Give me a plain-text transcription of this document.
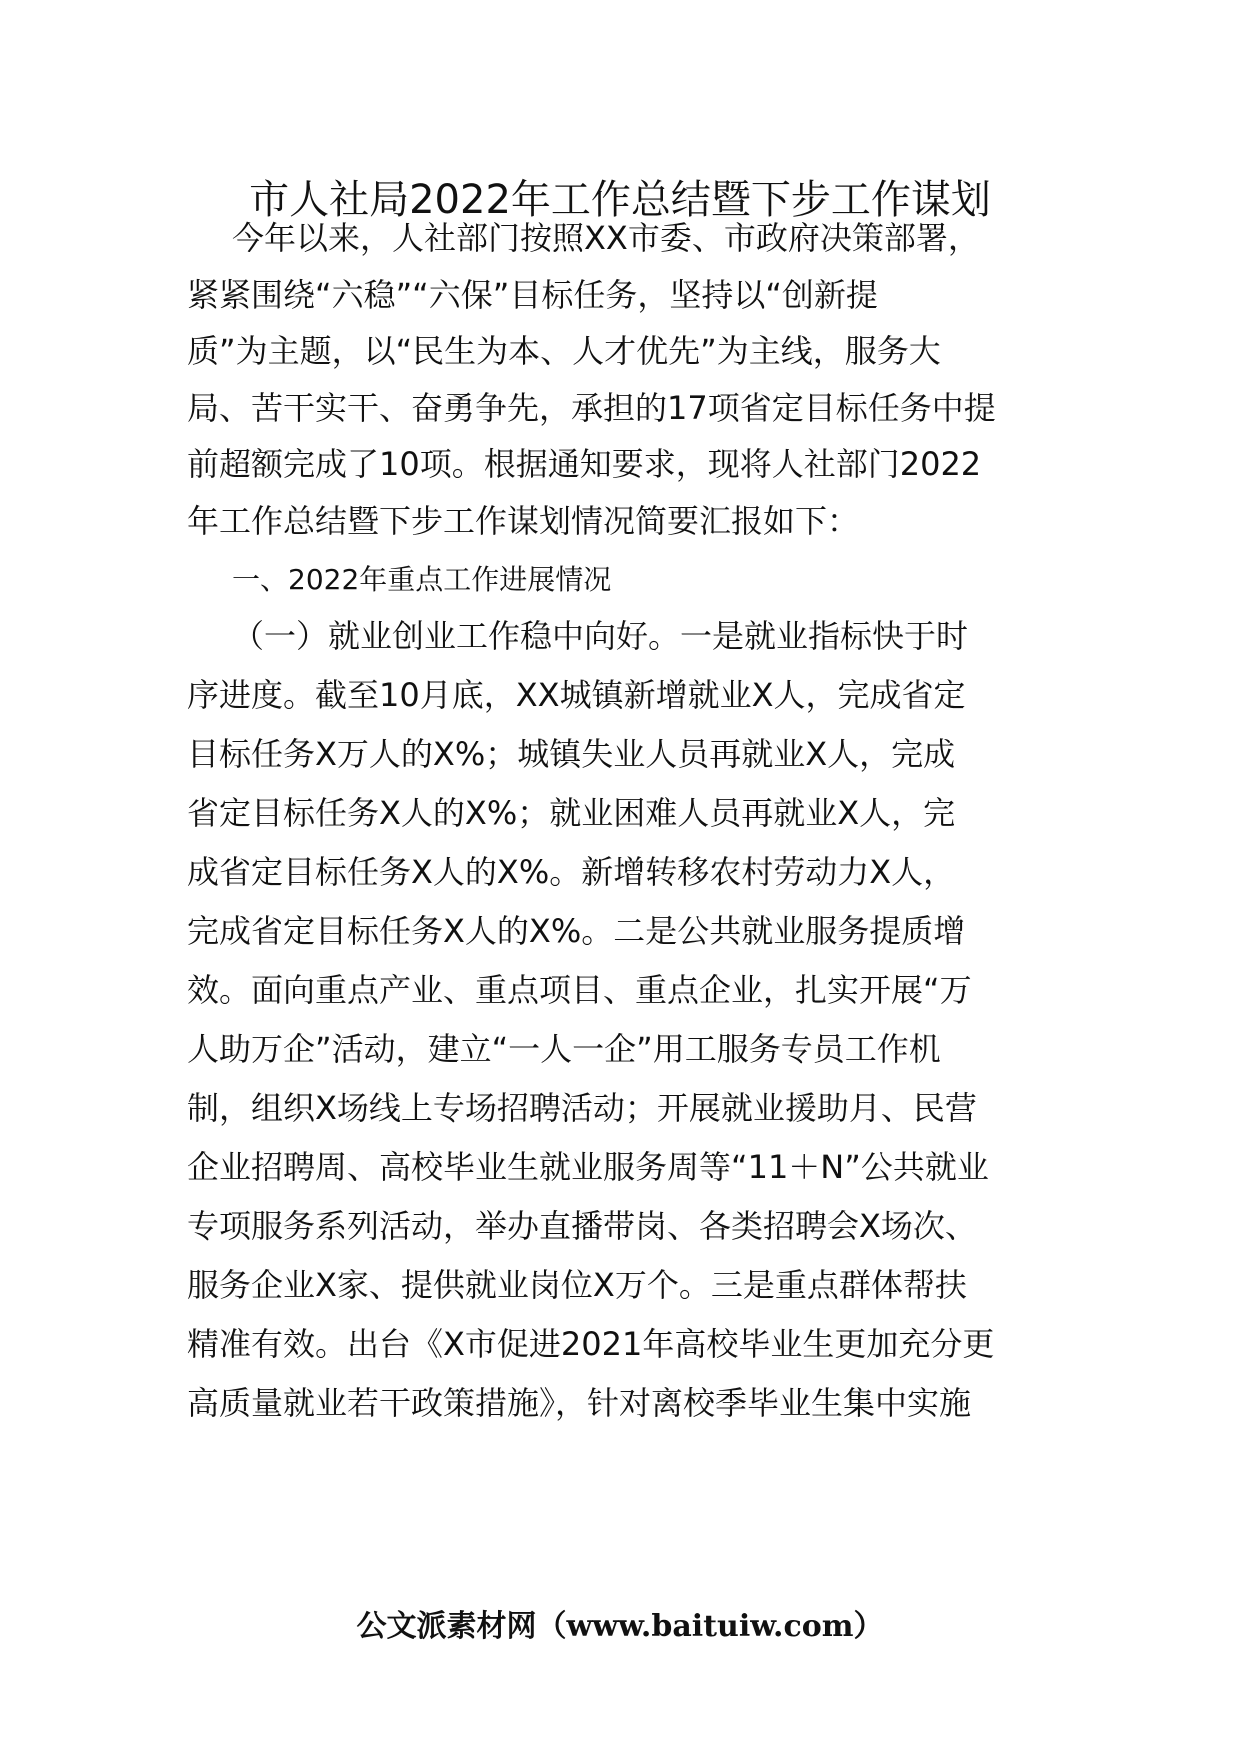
市人社局2022年工作总结暨下步工作谋划
今年以来，人社部门按照XX市委、市政府决策部署，
紧紧围绕“六稳”“六保”目标任务，坚持以“创新提
质”为主题，以“民生为本、人才优先”为主线，服务大
局、苦干实干、奋勇争先，承担的17项省定目标任务中提
前超额完成了10项。根据通知要求，现将人社部门2022
年工作总结暨下步工作谋划情况简要汇报如下：
一、2022年重点工作进展情况
（一）就业创业工作稳中向好。一是就业指标快于时
序进度。截至10月底，XX城镇新增就业X人，完成省定
目标任务X万人的X%；城镇失业人员再就业X人，完成
省定目标任务X人的X%；就业困难人员再就业X人，完
成省定目标任务X人的X%。新增转移农村劳动力X人，
完成省定目标任务X人的X%。二是公共就业服务提质增
效。面向重点产业、重点项目、重点企业，扎实开展“万
人助万企”活动，建立“一人一企”用工服务专员工作机
制，组织X场线上专场招聘活动；开展就业援助月、民营
企业招聘周、高校毕业生就业服务周等“11＋N”公共就业
专项服务系列活动，举办直播带岗、各类招聘会X场次、
服务企业X家、提供就业岗位X万个。三是重点群体帮扶
精准有效。出台《X市促进2021年高校毕业生更加充分更
高质量就业若干政策措施》，针对离校季毕业生集中实施
公文派素材网（www.baituiw.com）
